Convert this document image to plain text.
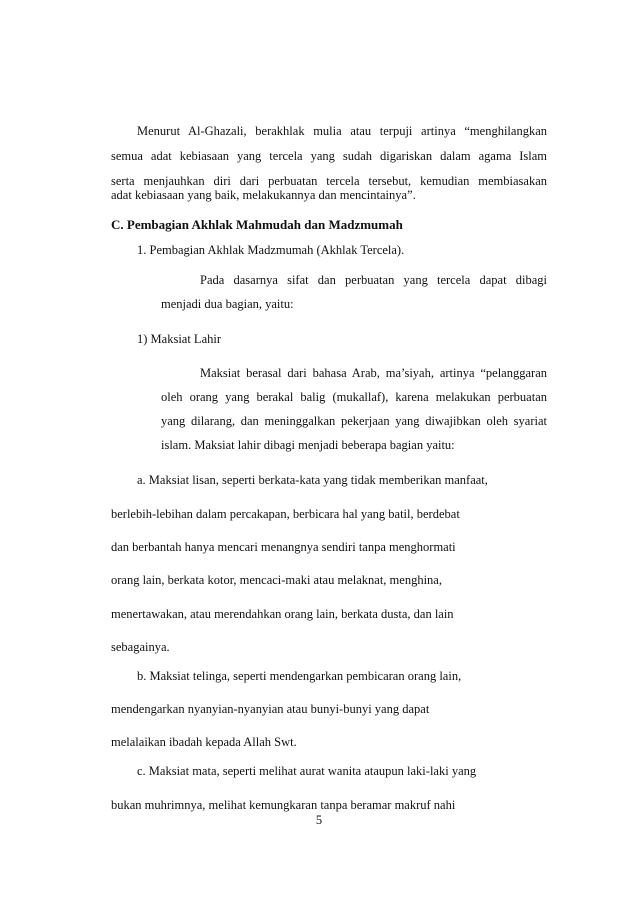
Menurut Al-Ghazali, berakhlak mulia atau terpuji artinya “menghilangkan
semua adat kebiasaan yang tercela yang sudah digariskan dalam agama Islam
serta menjauhkan diri dari perbuatan tercela tersebut, kemudian membiasakan
adat kebiasaan yang baik, melakukannya dan mencintainya”.
C. Pembagian Akhlak Mahmudah dan Madzmumah
1. Pembagian Akhlak Madzmumah (Akhlak Tercela).
Pada dasarnya sifat dan perbuatan yang tercela dapat dibagi
menjadi dua bagian, yaitu:
1) Maksiat Lahir
Maksiat berasal dari bahasa Arab, ma’siyah, artinya “pelanggaran
oleh orang yang berakal balig (mukallaf), karena melakukan perbuatan
yang dilarang, dan meninggalkan pekerjaan yang diwajibkan oleh syariat
islam. Maksiat lahir dibagi menjadi beberapa bagian yaitu:
a. Maksiat lisan, seperti berkata-kata yang tidak memberikan manfaat,
berlebih-lebihan dalam percakapan, berbicara hal yang batil, berdebat
dan berbantah hanya mencari menangnya sendiri tanpa menghormati
orang lain, berkata kotor, mencaci-maki atau melaknat, menghina,
menertawakan, atau merendahkan orang lain, berkata dusta, dan lain
sebagainya.
b. Maksiat telinga, seperti mendengarkan pembicaran orang lain,
mendengarkan nyanyian-nyanyian atau bunyi-bunyi yang dapat
melalaikan ibadah kepada Allah Swt.
c. Maksiat mata, seperti melihat aurat wanita ataupun laki-laki yang
bukan muhrimnya, melihat kemungkaran tanpa beramar makruf nahi
5
